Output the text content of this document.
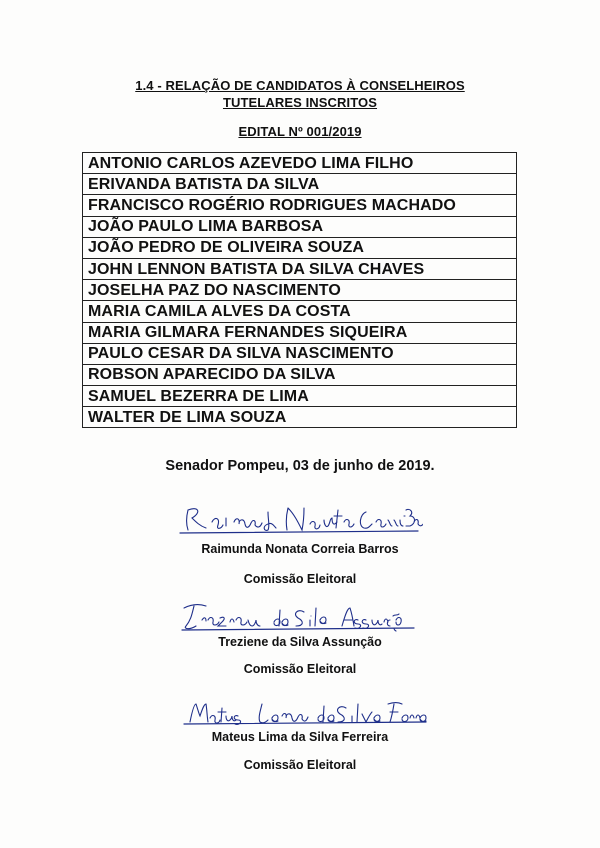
1.4 - RELAÇÃO DE CANDIDATOS À CONSELHEIROS
TUTELARES INSCRITOS
EDITAL Nº 001/2019
ANTONIO CARLOS AZEVEDO LIMA FILHO
ERIVANDA BATISTA DA SILVA
FRANCISCO ROGÉRIO RODRIGUES MACHADO
JOÃO PAULO LIMA BARBOSA
JOÃO PEDRO DE OLIVEIRA SOUZA
JOHN LENNON BATISTA DA SILVA CHAVES
JOSELHA PAZ DO NASCIMENTO
MARIA CAMILA ALVES DA COSTA
MARIA GILMARA FERNANDES SIQUEIRA
PAULO CESAR DA SILVA NASCIMENTO
ROBSON APARECIDO DA SILVA
SAMUEL BEZERRA DE LIMA
WALTER DE LIMA SOUZA
Senador Pompeu, 03 de junho de 2019.
Raimunda Nonata Correia Barros
Comissão Eleitoral
Treziene da Silva Assunção
Comissão Eleitoral
Mateus Lima da Silva Ferreira
Comissão Eleitoral
